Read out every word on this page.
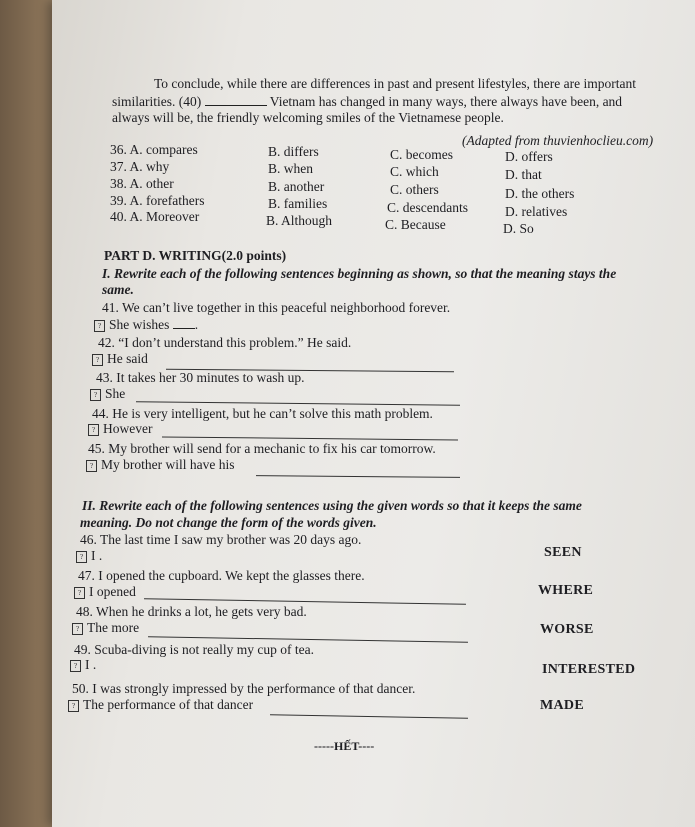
To conclude, while there are differences in past and present lifestyles, there are important
similarities. (40)	Vietnam has changed in many ways, there always have been, and
always will be, the friendly welcoming smiles of the Vietnamese people.
(Adapted from thuvienhoclieu.com)
36. A. compares	B. differs	C. becomes	D. offers
37. A. why	B. when	C. which	D. that
38. A. other	B. another	C. others	D. the others
39. A. forefathers	B. families	C. descendants	D. relatives
40. A. Moreover	B. Although	C. Because	D. So
PART D. WRITING(2.0 points)
I. Rewrite each of the following sentences beginning as shown, so that the meaning stays the
same.
41. We can’t live together in this peaceful neighborhood forever.
? She wishes .
42. “I don’t understand this problem.” He said.
? He said
43. It takes her 30 minutes to wash up.
? She
44. He is very intelligent, but he can’t solve this math problem.
? However
45. My brother will send for a mechanic to fix his car tomorrow.
? My brother will have his
II. Rewrite each of the following sentences using the given words so that it keeps the same
meaning. Do not change the form of the words given.
46. The last time I saw my brother was 20 days ago.
? I .	SEEN
47. I opened the cupboard. We kept the glasses there.
? I opened	WHERE
48. When he drinks a lot, he gets very bad.
? The more	WORSE
49. Scuba-diving is not really my cup of tea.
? I .	INTERESTED
50. I was strongly impressed by the performance of that dancer.
? The performance of that dancer	MADE
-----HẾT----
